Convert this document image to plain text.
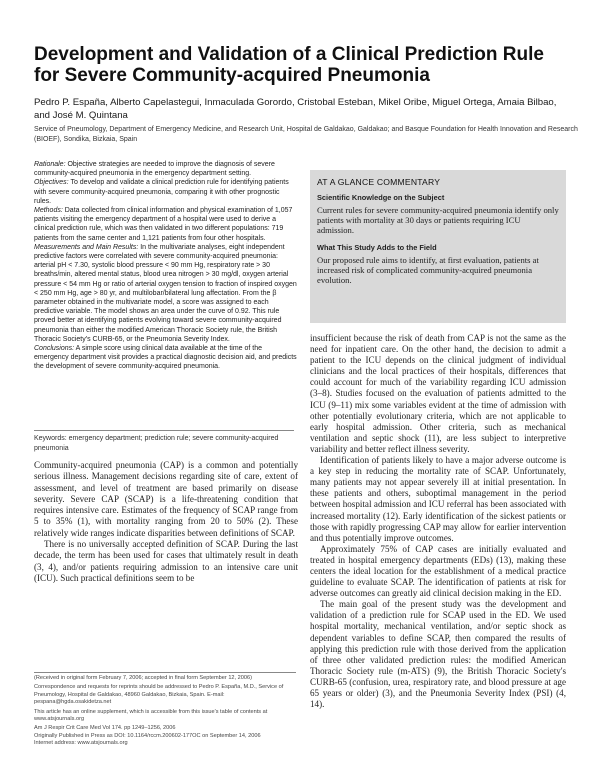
Development and Validation of a Clinical Prediction Rule for Severe Community-acquired Pneumonia
Pedro P. España, Alberto Capelastegui, Inmaculada Gorordo, Cristobal Esteban, Mikel Oribe, Miguel Ortega, Amaia Bilbao, and José M. Quintana
Service of Pneumology, Department of Emergency Medicine, and Research Unit, Hospital de Galdakao, Galdakao; and Basque Foundation for Health Innovation and Research (BIOEF), Sondika, Bizkaia, Spain

Rationale: Objective strategies are needed to improve the diagnosis of severe community-acquired pneumonia in the emergency department setting.

Objectives: To develop and validate a clinical prediction rule for identifying patients with severe community-acquired pneumonia, comparing it with other prognostic rules.

Methods: Data collected from clinical information and physical examination of 1,057 patients visiting the emergency department of a hospital were used to derive a clinical prediction rule, which was then validated in two different populations: 719 patients from the same center and 1,121 patients from four other hospitals.

Measurements and Main Results: In the multivariate analyses, eight independent predictive factors were correlated with severe community-acquired pneumonia: arterial pH < 7.30, systolic blood pressure < 90 mm Hg, respiratory rate > 30 breaths/min, altered mental status, blood urea nitrogen > 30 mg/dl, oxygen arterial pressure < 54 mm Hg or ratio of arterial oxygen tension to fraction of inspired oxygen < 250 mm Hg, age > 80 yr, and multilobar/bilateral lung affectation. From the β parameter obtained in the multivariate model, a score was assigned to each predictive variable. The model shows an area under the curve of 0.92. This rule proved better at identifying patients evolving toward severe community-acquired pneumonia than either the modified American Thoracic Society rule, the British Thoracic Society's CURB-65, or the Pneumonia Severity Index.

Conclusions: A simple score using clinical data available at the time of the emergency department visit provides a practical diagnostic decision aid, and predicts the development of severe community-acquired pneumonia.

Keywords: emergency department; prediction rule; severe community-acquired pneumonia

Community-acquired pneumonia (CAP) is a common and potentially serious illness. Management decisions regarding site of care, extent of assessment, and level of treatment are based primarily on disease severity. Severe CAP (SCAP) is a life-threatening condition that requires intensive care. Estimates of the frequency of SCAP range from 5 to 35% (1), with mortality ranging from 20 to 50% (2). These relatively wide ranges indicate disparities between definitions of SCAP.

There is no universally accepted definition of SCAP. During the last decade, the term has been used for cases that ultimately result in death (3, 4), and/or patients requiring admission to an intensive care unit (ICU). Such practical definitions seem to be

(Received in original form February 7, 2006; accepted in final form September 12, 2006)

Correspondence and requests for reprints should be addressed to Pedro P. España, M.D., Service of Pneumology, Hospital de Galdakao, 48960 Galdakao, Bizkaia, Spain. E-mail: pespana@hgda.osakidetza.net

This article has an online supplement, which is accessible from this issue's table of contents at www.atsjournals.org

Am J Respir Crit Care Med Vol 174. pp 1249–1256, 2006
Originally Published in Press as DOI: 10.1164/rccm.200602-177OC on September 14, 2006
Internet address: www.atsjournals.org

AT A GLANCE COMMENTARY
Scientific Knowledge on the Subject
Current rules for severe community-acquired pneumonia identify only patients with mortality at 30 days or patients requiring ICU admission.
What This Study Adds to the Field
Our proposed rule aims to identify, at first evaluation, patients at increased risk of complicated community-acquired pneumonia evolution.

insufficient because the risk of death from CAP is not the same as the need for inpatient care. On the other hand, the decision to admit a patient to the ICU depends on the clinical judgment of individual clinicians and the local practices of their hospitals, differences that could account for much of the variability regarding ICU admission (3–8). Studies focused on the evaluation of patients admitted to the ICU (9–11) mix some variables evident at the time of admission with other potentially evolutionary criteria, which are not applicable to early hospital admission. Other criteria, such as mechanical ventilation and septic shock (11), are less subject to interpretive variability and better reflect illness severity.

Identification of patients likely to have a major adverse outcome is a key step in reducing the mortality rate of SCAP. Unfortunately, many patients may not appear severely ill at initial presentation. In these patients and others, suboptimal management in the period between hospital admission and ICU referral has been associated with increased mortality (12). Early identification of the sickest patients or those with rapidly progressing CAP may allow for earlier intervention and thus potentially improve outcomes.

Approximately 75% of CAP cases are initially evaluated and treated in hospital emergency departments (EDs) (13), making these centers the ideal location for the establishment of a medical practice guideline to evaluate SCAP. The identification of patients at risk for adverse outcomes can greatly aid clinical decision making in the ED.

The main goal of the present study was the development and validation of a prediction rule for SCAP used in the ED. We used hospital mortality, mechanical ventilation, and/or septic shock as dependent variables to define SCAP, then compared the results of applying this prediction rule with those derived from the application of three other validated prediction rules: the modified American Thoracic Society rule (m-ATS) (9), the British Thoracic Society's CURB-65 (confusion, urea, respiratory rate, and blood pressure at age 65 years or older) (3), and the Pneumonia Severity Index (PSI) (4, 14).
